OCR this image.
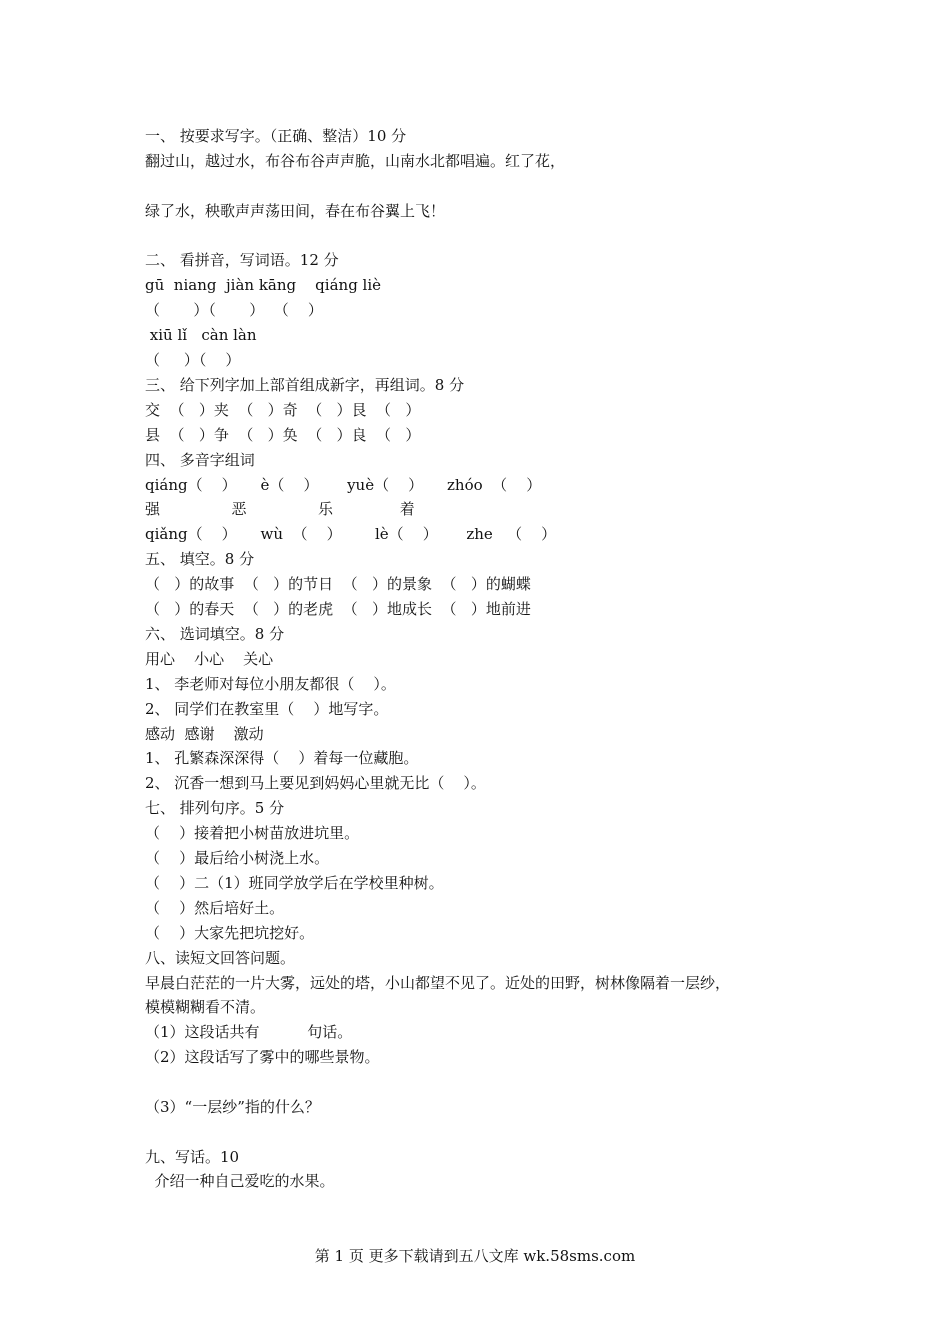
一、 按要求写字。（正确、整洁）10 分

翻过山，越过水，布谷布谷声声脆，山南水北都唱遍。红了花，

绿了水，秧歌声声荡田间，春在布谷翼上飞！

二、 看拼音，写词语。12 分

gū  niang  jiàn kāng    qiáng liè

（       ）（       ）  （    ）

xiū lǐ   càn làn

（     ）（    ）

三、 给下列字加上部首组成新字，再组词。8 分

交  （   ）夹  （   ）奇  （   ）艮  （   ）

县  （   ）争  （   ）奂  （   ）良  （   ）

四、 多音字组词

qiáng（    ）     è（    ）      yuè（    ）     zhóo  （    ）

强               恶               乐              着

qiǎng（    ）     wù  （    ）       lè（    ）      zhe   （    ）

五、 填空。8 分

（   ）的故事  （   ）的节日  （   ）的景象  （   ）的蝴蝶

（   ）的春天  （   ）的老虎  （   ）地成长  （   ）地前进

六、 选词填空。8 分

用心    小心    关心

1、 李老师对每位小朋友都很（    ）。

2、 同学们在教室里（    ）地写字。

感动  感谢    激动

1、 孔繁森深深得（    ）着每一位藏胞。

2、 沉香一想到马上要见到妈妈心里就无比（    ）。

七、 排列句序。5 分

（    ）接着把小树苗放进坑里。

（    ）最后给小树浇上水。

（    ）二（1）班同学放学后在学校里种树。

（    ）然后培好土。

（    ）大家先把坑挖好。

八、读短文回答问题。

早晨白茫茫的一片大雾，远处的塔，小山都望不见了。近处的田野，树林像隔着一层纱，

模模糊糊看不清。

（1）这段话共有          句话。

（2）这段话写了雾中的哪些景物。

（3）“一层纱”指的什么？

九、写话。10

介绍一种自己爱吃的水果。

第 1 页 更多下载请到五八文库 wk.58sms.com
